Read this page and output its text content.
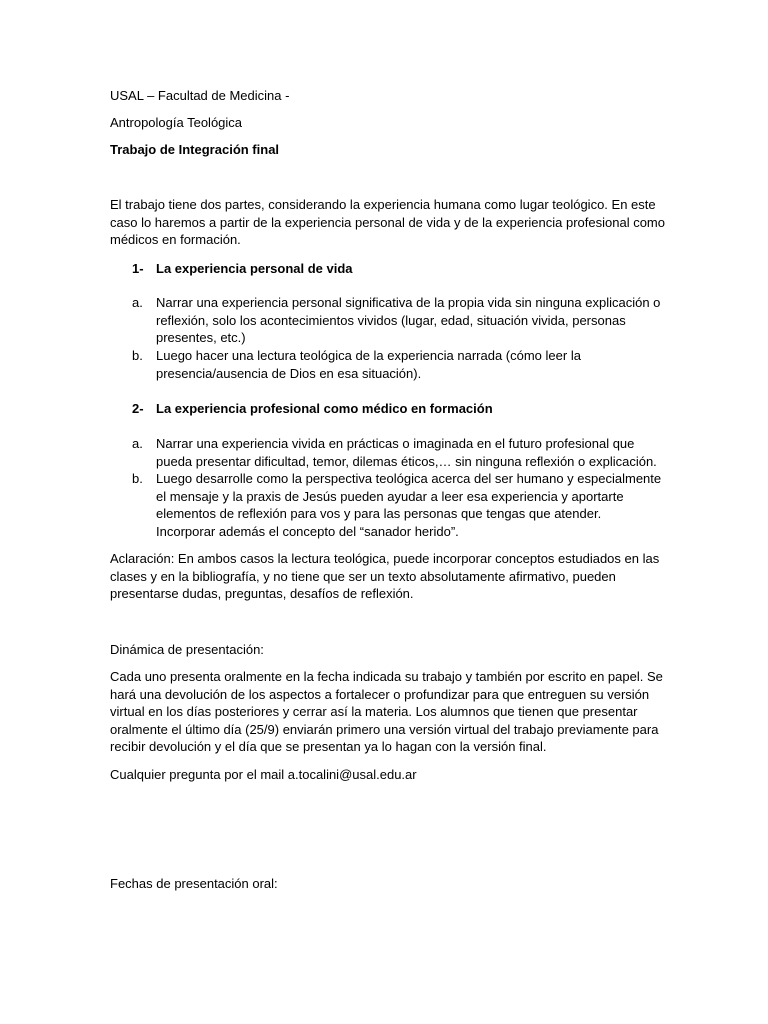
USAL – Facultad de Medicina -

Antropología Teológica

Trabajo de Integración final

El trabajo tiene dos partes, considerando la experiencia humana como lugar teológico. En este caso lo haremos a partir de la experiencia personal de vida y de la experiencia profesional como médicos en formación.

1- La experiencia personal de vida

a.	Narrar una experiencia personal significativa de la propia vida sin ninguna explicación o reflexión, solo los acontecimientos vividos (lugar, edad, situación vivida, personas presentes, etc.)
b.	Luego hacer una lectura teológica de la experiencia narrada (cómo leer la presencia/ausencia de Dios en esa situación).

2- La experiencia profesional como médico en formación

a.	Narrar una experiencia vivida en prácticas o imaginada en el futuro profesional que pueda presentar dificultad, temor, dilemas éticos,… sin ninguna reflexión o explicación.
b.	Luego desarrolle como la perspectiva teológica acerca del ser humano y especialmente el mensaje y la praxis de Jesús pueden ayudar a leer esa experiencia y aportarte elementos de reflexión para vos y para las personas que tengas que atender. Incorporar además el concepto del “sanador herido”.

Aclaración: En ambos casos la lectura teológica, puede incorporar conceptos estudiados en las clases y en la bibliografía, y no tiene que ser un texto absolutamente afirmativo, pueden presentarse dudas, preguntas, desafíos de reflexión.

Dinámica de presentación:

Cada uno presenta oralmente en la fecha indicada su trabajo y también por escrito en papel. Se hará una devolución de los aspectos a fortalecer o profundizar para que entreguen su versión virtual en los días posteriores y cerrar así la materia. Los alumnos que tienen que presentar oralmente el último día (25/9) enviarán primero una versión virtual del trabajo previamente para recibir devolución y el día que se presentan ya lo hagan con la versión final.

Cualquier pregunta por el mail a.tocalini@usal.edu.ar

Fechas de presentación oral:
